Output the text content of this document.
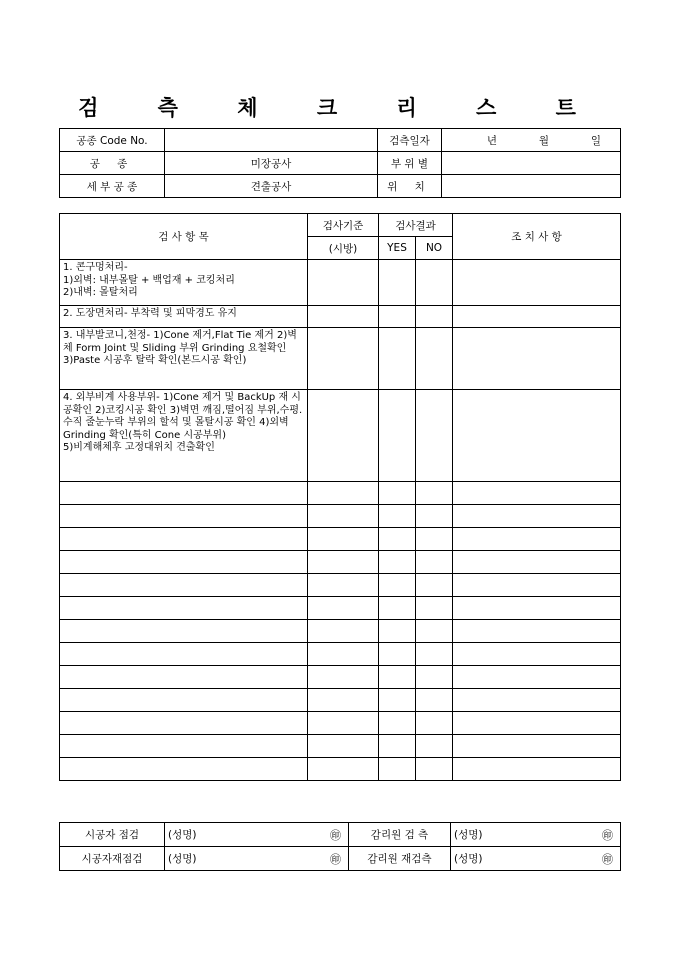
검 측 체 크 리 스 트
공종 Code No.		검측일자	년 월 일
공 종	미장공사	부 위 별	
세 부 공 종	견출공사	위 치	
검 사 항 목	검사기준	검사결과		조 치 사 항
	(시방)	YES	NO	

1. 콘구멍처리-
1)외벽: 내부몰탈 + 백업재 + 코킹처리
2)내벽: 몰탈처리				

2. 도장면처리- 부착력 및 피막경도 유지				

3. 내부발코니,천정- 1)Cone 제거,Flat Tie 제거 2)벽체 Form Joint 및 Sliding 부위 Grinding 요철확인 3)Paste 시공후 탈락 확인(본드시공 확인)				

4. 외부비계 사용부위- 1)Cone 제거 및 BackUp 재 시공확인 2)코킹시공 확인 3)벽면 깨짐,떨어짐 부위,수평.수직 줄눈누락 부위의 할석 및 몰탈시공 확인 4)외벽 Grinding 확인(특히 Cone 시공부위)
5)비계해체후 고정대위치 견출확인				

시공자 점검	(성명) ㊞	감리원 검 측	(성명) ㊞

시공자재점검	(성명) ㊞	감리원 재검측	(성명) ㊞
